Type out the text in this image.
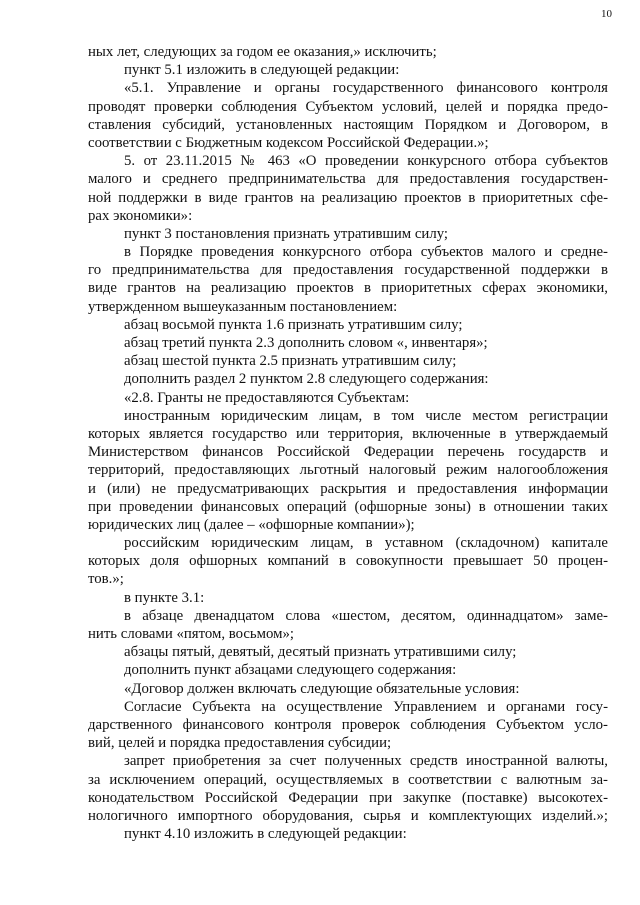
10
ных лет, следующих за годом ее оказания,» исключить;
пункт 5.1 изложить в следующей редакции:
«5.1. Управление и органы государственного финансового контроля
проводят проверки соблюдения Субъектом условий, целей и порядка предо-
ставления субсидий, установленных настоящим Порядком и Договором, в
соответствии с Бюджетным кодексом Российской Федерации.»;
5. от 23.11.2015 № 463 «О проведении конкурсного отбора субъектов
малого и среднего предпринимательства для предоставления государствен-
ной поддержки в виде грантов на реализацию проектов в приоритетных сфе-
рах экономики»:
пункт 3 постановления признать утратившим силу;
в Порядке проведения конкурсного отбора субъектов малого и средне-
го предпринимательства для предоставления государственной поддержки в
виде грантов на реализацию проектов в приоритетных сферах экономики,
утвержденном вышеуказанным постановлением:
абзац восьмой пункта 1.6 признать утратившим силу;
абзац третий пункта 2.3 дополнить словом «, инвентаря»;
абзац шестой пункта 2.5 признать утратившим силу;
дополнить раздел 2 пунктом 2.8 следующего содержания:
«2.8. Гранты не предоставляются Субъектам:
иностранным юридическим лицам, в том числе местом регистрации
которых является государство или территория, включенные в утверждаемый
Министерством финансов Российской Федерации перечень государств и
территорий, предоставляющих льготный налоговый режим налогообложения
и (или) не предусматривающих раскрытия и предоставления информации
при проведении финансовых операций (офшорные зоны) в отношении таких
юридических лиц (далее – «офшорные компании»);
российским юридическим лицам, в уставном (складочном) капитале
которых доля офшорных компаний в совокупности превышает 50 процен-
тов.»;
в пункте 3.1:
в абзаце двенадцатом слова «шестом, десятом, одиннадцатом» заме-
нить словами «пятом, восьмом»;
абзацы пятый, девятый, десятый признать утратившими силу;
дополнить пункт абзацами следующего содержания:
«Договор должен включать следующие обязательные условия:
Согласие Субъекта на осуществление Управлением и органами госу-
дарственного финансового контроля проверок соблюдения Субъектом усло-
вий, целей и порядка предоставления субсидии;
запрет приобретения за счет полученных средств иностранной валюты,
за исключением операций, осуществляемых в соответствии с валютным за-
конодательством Российской Федерации при закупке (поставке) высокотех-
нологичного импортного оборудования, сырья и комплектующих изделий.»;
пункт 4.10 изложить в следующей редакции:
